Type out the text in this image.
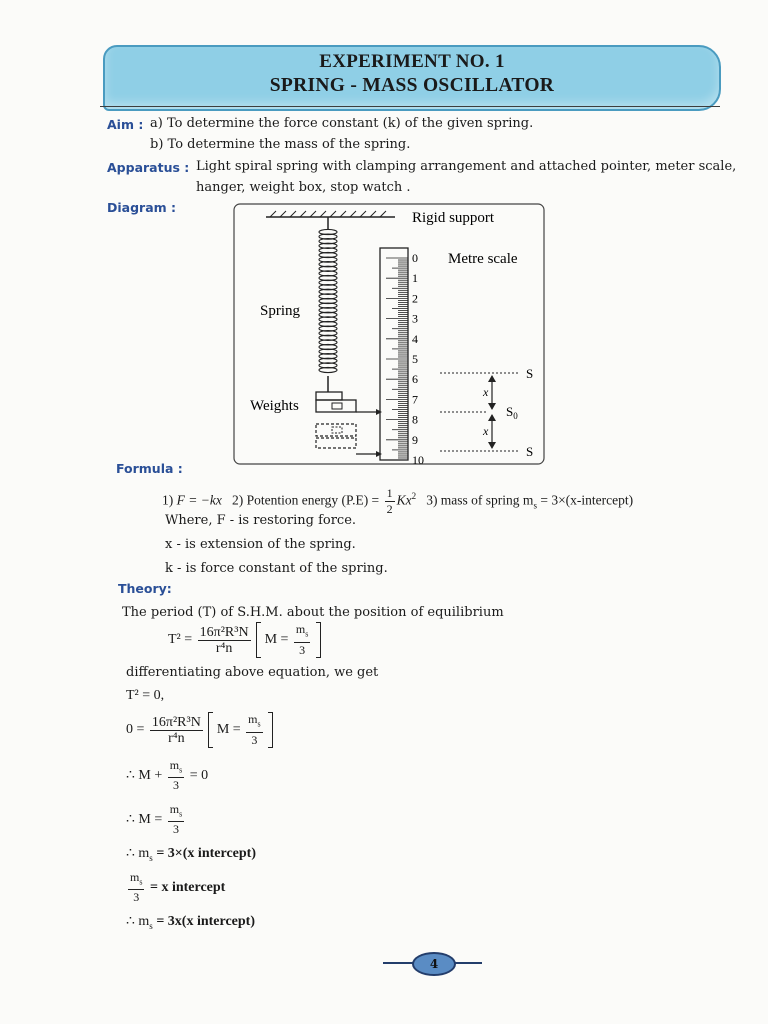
EXPERIMENT NO. 1
SPRING - MASS OSCILLATOR
Aim : a) To determine the force constant (k) of the given spring.
b) To determine the mass of the spring.
Apparatus : Light spiral spring with clamping arrangement and attached pointer, meter scale,
hanger, weight box, stop watch .
Diagram :
Rigid support
Spring
Weights
0
1
2
3
4
5
6
7
8
9
10
Metre scale
S
$S_0$
S
x
x
Formula :
1) F = −kx 2) Potention energy $(P.E) = \frac{1}{2} Kx^2$ 3) mass of spring $m_s$ = 3×(x-intercept)
Where, F - is restoring force.
x - is extension of the spring.
k - is force constant of the spring.
Theory:
The period (T) of S.H.M. about the position of equilibrium
$T^2 = \frac{\text{16π²R³N}}{\text{r⁴n}}$ $M = \frac{m_s}{3}$

differentiating above equation, we get
T² = 0,
$0 = \frac{\text{16π²R³N}}{\text{r⁴n}}$ $M = \frac{m_s}{3}$

∴ $M + \frac{m_s}{3} = 0$
∴ $M = \frac{m_s}{3}$
∴ $m_s = 3\times(x$ intercept)
$\frac{m_s}{3} = x$ intercept
∴ $m_s = 3x(x$ intercept)
4
